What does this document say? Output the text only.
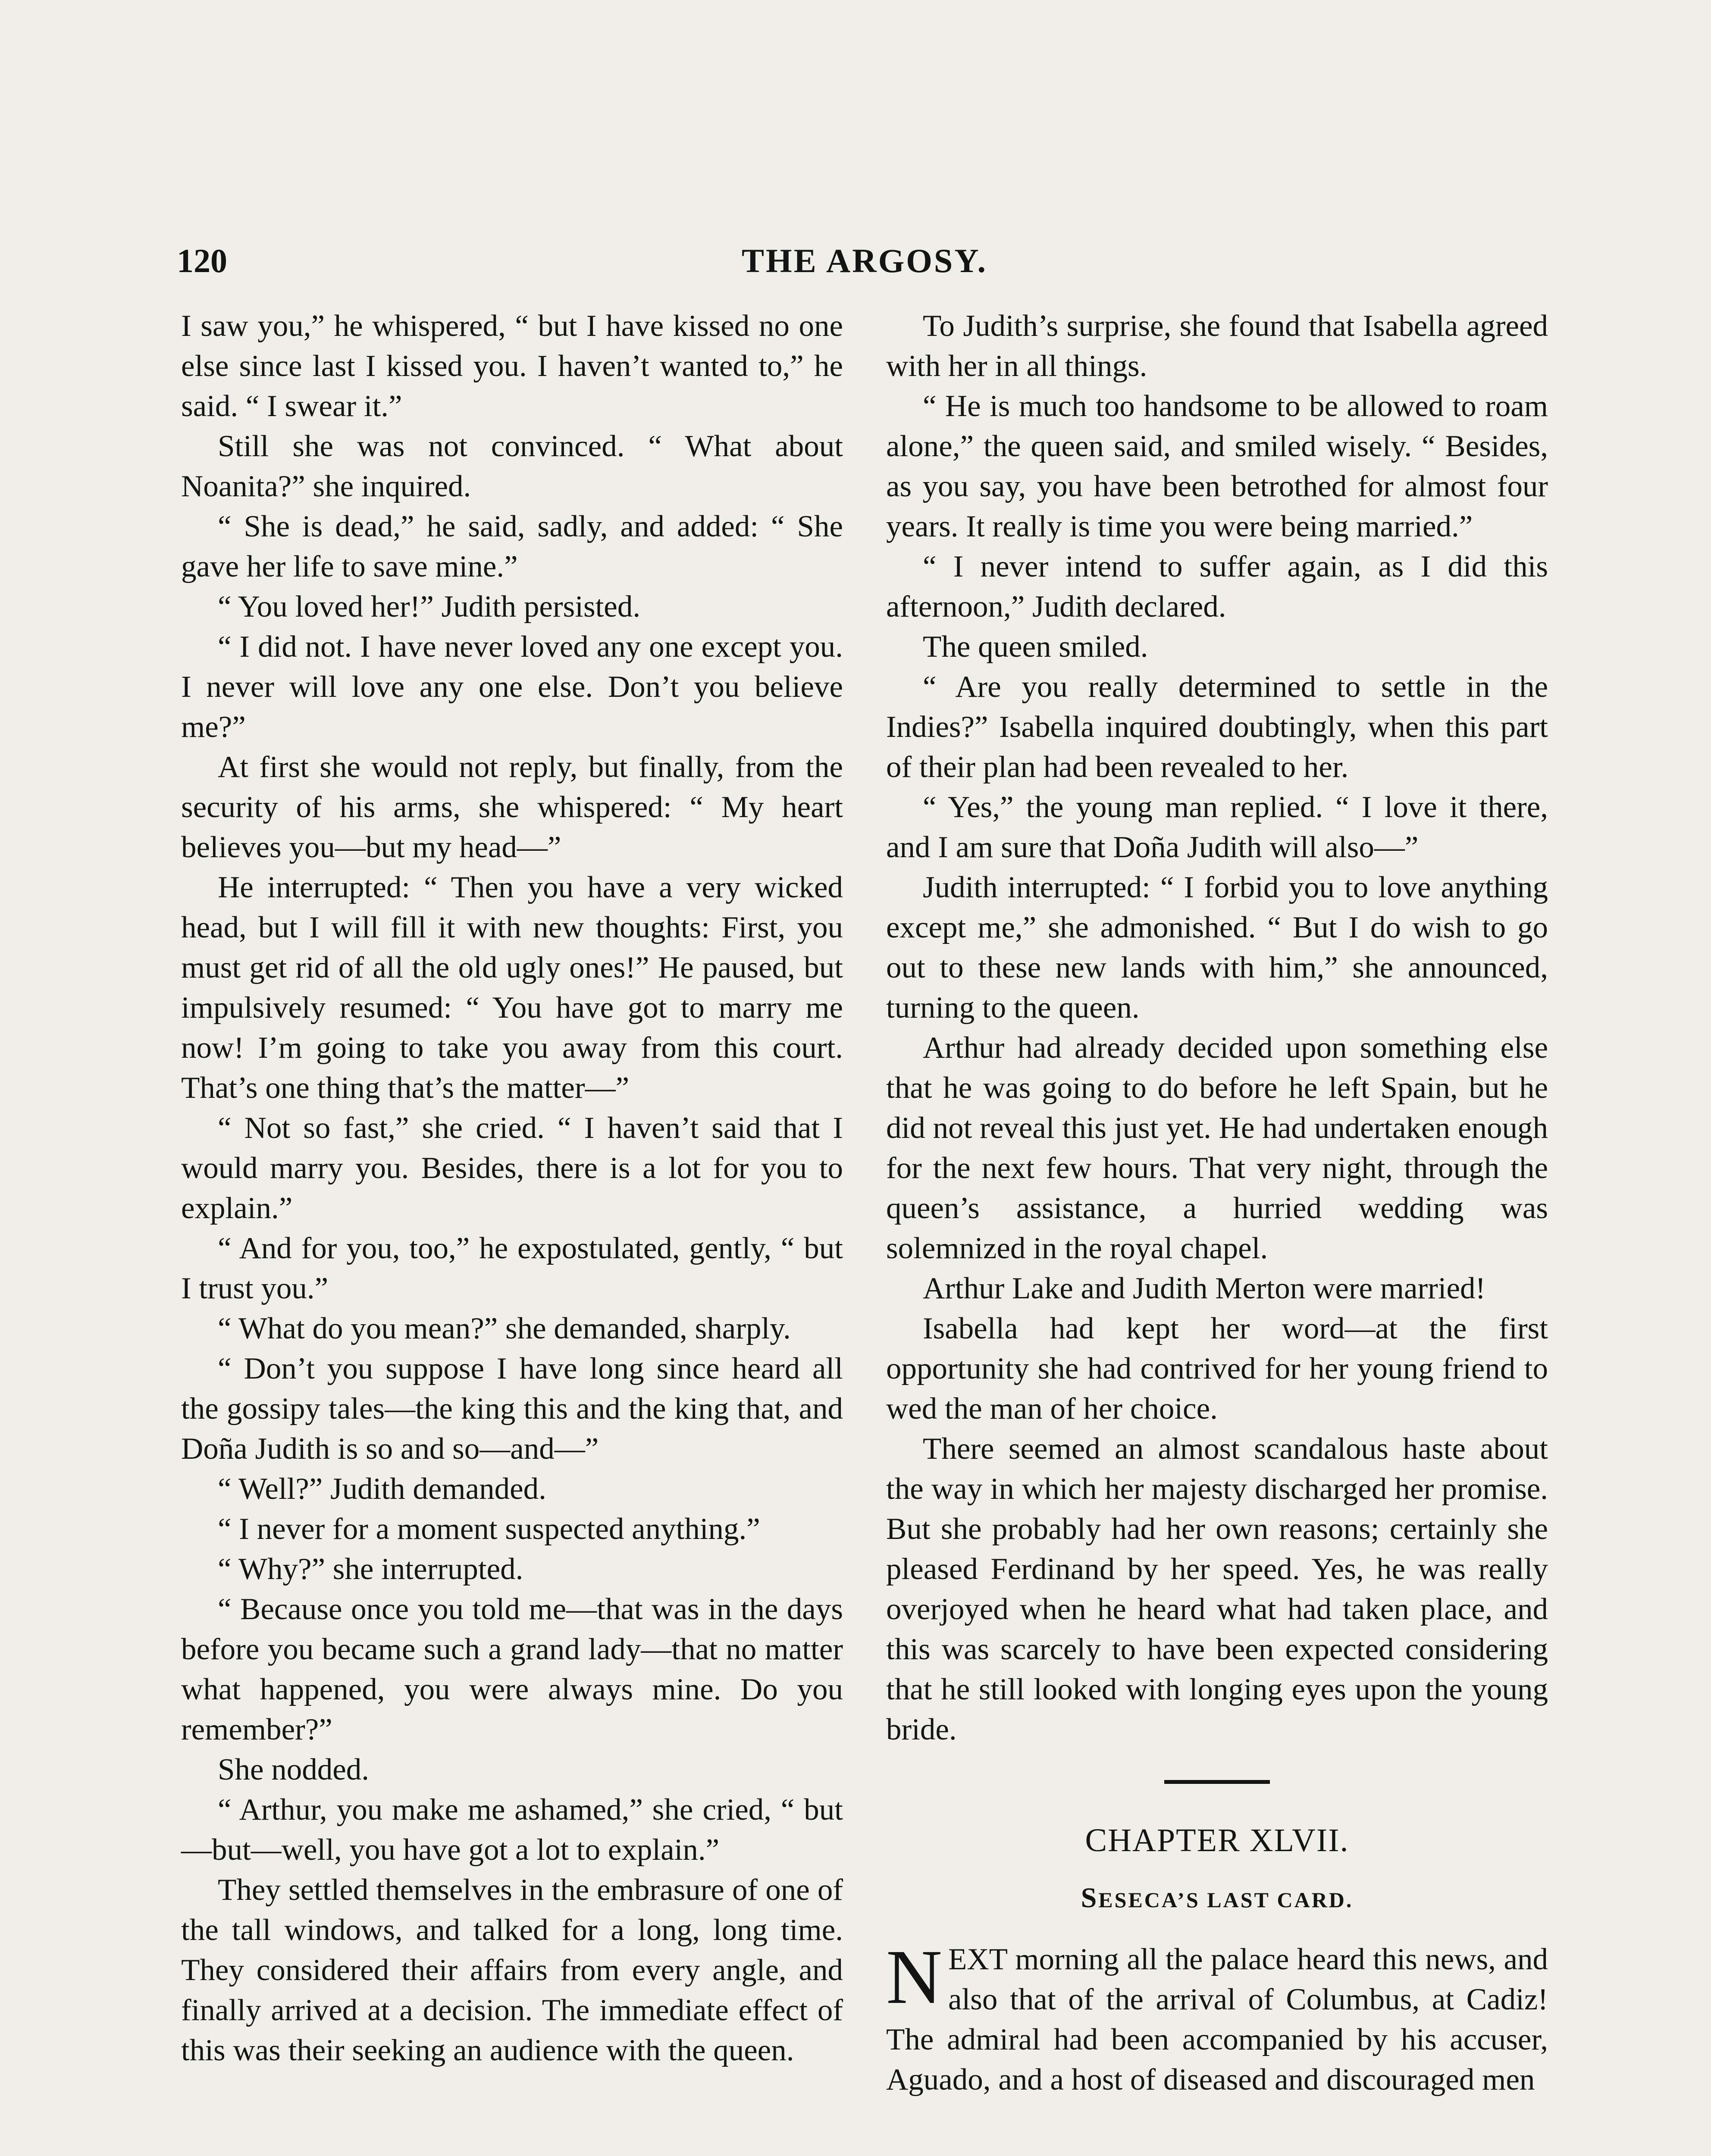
120	THE ARGOSY.

I saw you,” he whispered, “ but I have kissed no one else since last I kissed you. I haven’t wanted to,” he said. “ I swear it.”

Still she was not convinced. “ What about Noanita?” she inquired.

“ She is dead,” he said, sadly, and added: “ She gave her life to save mine.”

“ You loved her!” Judith persisted.

“ I did not. I have never loved any one except you. I never will love any one else. Don’t you believe me?”

At first she would not reply, but finally, from the security of his arms, she whispered: “ My heart believes you—but my head—”

He interrupted: “ Then you have a very wicked head, but I will fill it with new thoughts: First, you must get rid of all the old ugly ones!” He paused, but impulsively resumed: “ You have got to marry me now! I’m going to take you away from this court. That’s one thing that’s the matter—”

“ Not so fast,” she cried. “ I haven’t said that I would marry you. Besides, there is a lot for you to explain.”

“ And for you, too,” he expostulated, gently, “ but I trust you.”

“ What do you mean?” she demanded, sharply.

“ Don’t you suppose I have long since heard all the gossipy tales—the king this and the king that, and Doña Judith is so and so—and—”

“ Well?” Judith demanded.

“ I never for a moment suspected anything.”

“ Why?” she interrupted.

“ Because once you told me—that was in the days before you became such a grand lady—that no matter what happened, you were always mine. Do you remember?”

She nodded.

“ Arthur, you make me ashamed,” she cried, “ but—but—well, you have got a lot to explain.”

They settled themselves in the embrasure of one of the tall windows, and talked for a long, long time. They considered their affairs from every angle, and finally arrived at a decision. The immediate effect of this was their seeking an audience with the queen.

To Judith’s surprise, she found that Isabella agreed with her in all things.

“ He is much too handsome to be allowed to roam alone,” the queen said, and smiled wisely. “ Besides, as you say, you have been betrothed for almost four years. It really is time you were being married.”

“ I never intend to suffer again, as I did this afternoon,” Judith declared.

The queen smiled.

“ Are you really determined to settle in the Indies?” Isabella inquired doubtingly, when this part of their plan had been revealed to her.

“ Yes,” the young man replied. “ I love it there, and I am sure that Doña Judith will also—”

Judith interrupted: “ I forbid you to love anything except me,” she admonished. “ But I do wish to go out to these new lands with him,” she announced, turning to the queen.

Arthur had already decided upon something else that he was going to do before he left Spain, but he did not reveal this just yet. He had undertaken enough for the next few hours. That very night, through the queen’s assistance, a hurried wedding was solemnized in the royal chapel.

Arthur Lake and Judith Merton were married!

Isabella had kept her word—at the first opportunity she had contrived for her young friend to wed the man of her choice.

There seemed an almost scandalous haste about the way in which her majesty discharged her promise. But she probably had her own reasons; certainly she pleased Ferdinand by her speed. Yes, he was really overjoyed when he heard what had taken place, and this was scarcely to have been expected considering that he still looked with longing eyes upon the young bride.

CHAPTER XLVII.

SESECA’S LAST CARD.

NEXT morning all the palace heard this news, and also that of the arrival of Columbus, at Cadiz! The admiral had been accompanied by his accuser, Aguado, and a host of diseased and discouraged men
